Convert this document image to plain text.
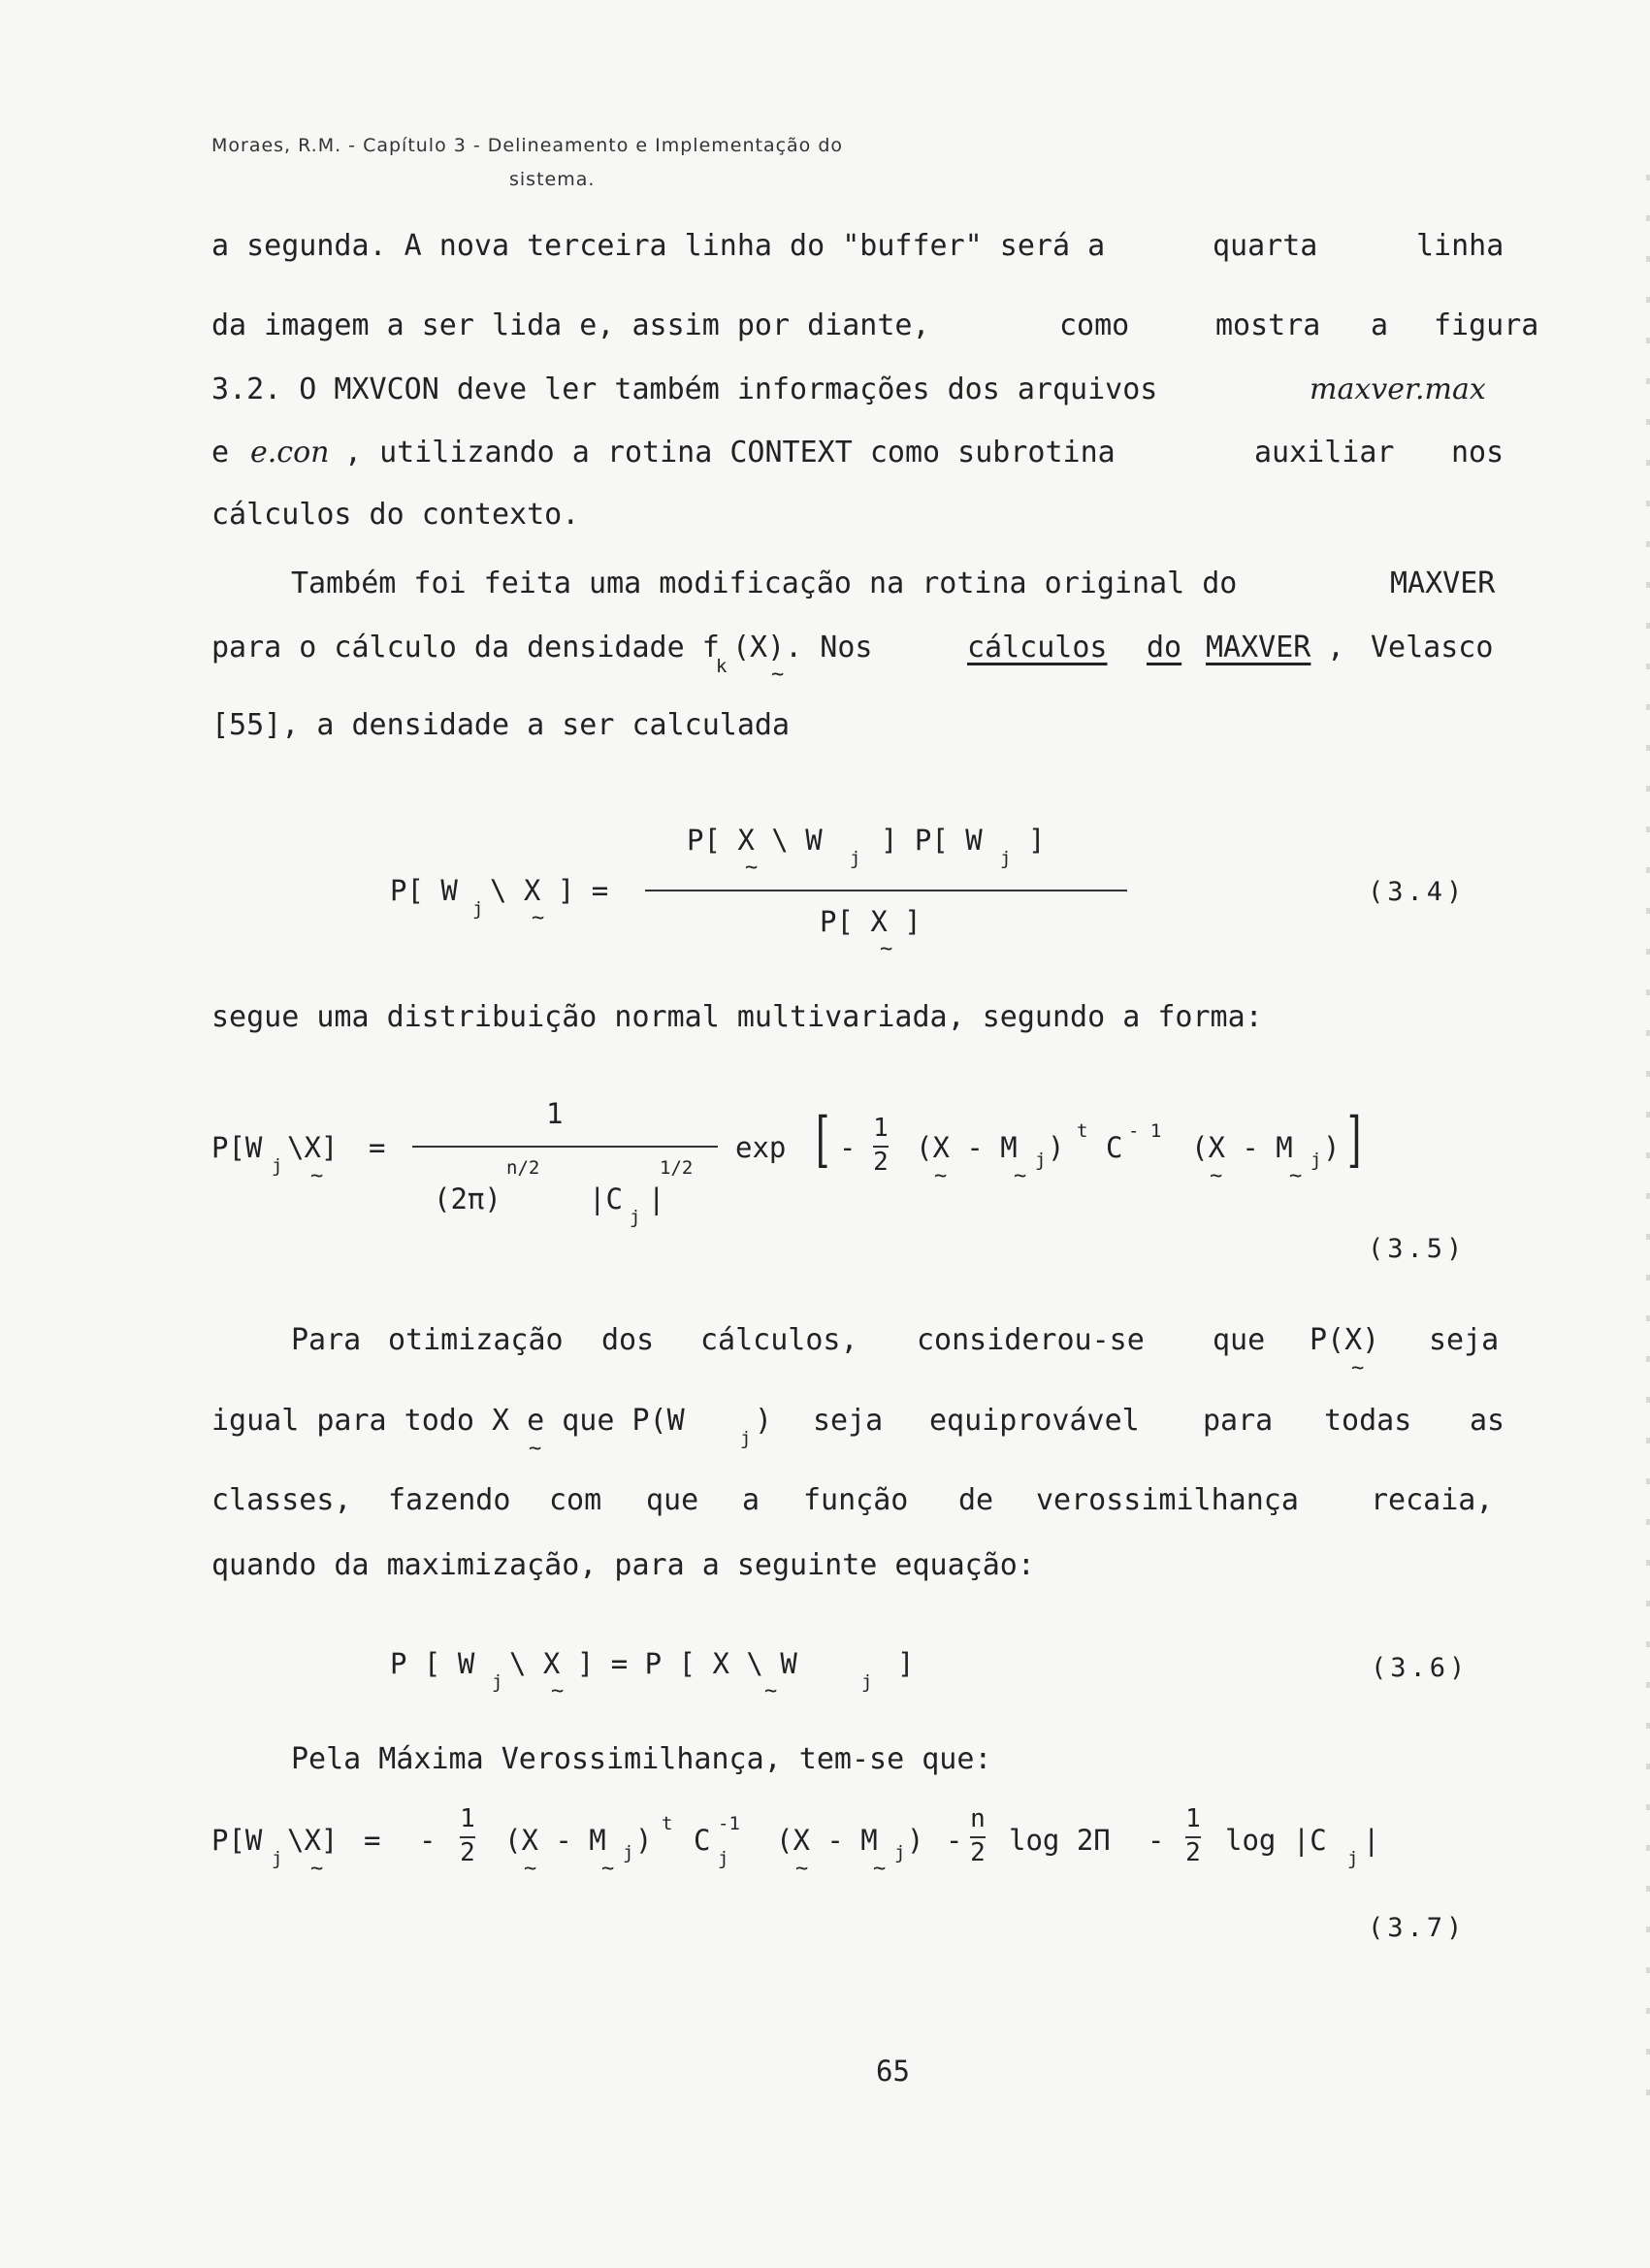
Moraes, R.M. - Capítulo 3 - Delineamento e Implementação do
sistema.
a segunda. A nova terceira linha do "buffer" será a	quarta	linha
da imagem a ser lida e, assim por diante,	como	mostra a figura
3.2. O MXVCON deve ler também informações dos arquivos	maxver.max
e e.con , utilizando a rotina CONTEXT como subrotina	auxiliar nos
cálculos do contexto.
Também foi feita uma modificação na rotina original do	MAXVER
para o cálculo da densidade f
k
(X). Nos
~
cálculos do MAXVER , Velasco
[55], a densidade a ser calculada
P[ X \ W
j
] P[ W
j
]
~
P[ W
j
\ X ] =
~	P[ X ]
~
(3.4)
segue uma distribuição normal multivariada, segundo a forma:
1
P[W
j
\X]
~
=
n/2	1/2
(2π)	|C
j
|
exp [ -
1
2 (X - M j ) t
~	~
C - 1 (X - M j )
~	~
]
(3.5)
Para otimização dos cálculos, considerou-se que P(X)
~
seja
igual para todo X e que P(W
~	j
) seja equiprovável para todas as
classes, fazendo com que a função de verossimilhança recaia,
quando da maximização, para a seguinte equação:
P [ W
j
\ X ] = P [ X \ W
j
]
~	~
(3.6)
Pela Máxima Verossimilhança, tem-se que:
P[W
j
\X]
~
= -
1
2 (X - M j ) t
~	~
C
j
-1 (X - M j )
~	~
-
n
2 log 2Π -
1
2 log |C
j
|
(3.7)
65
